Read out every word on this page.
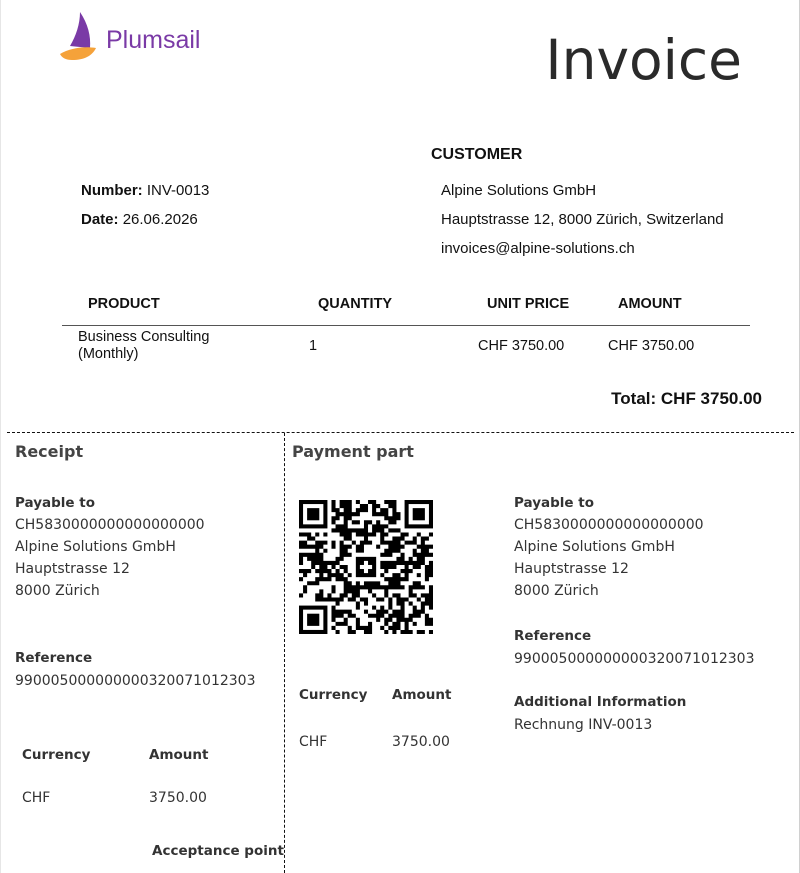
Plumsail	Invoice
CUSTOMER
Number: INV-0013
Date: 26.06.2026
Alpine Solutions GmbH
Hauptstrasse 12, 8000 Zürich, Switzerland
invoices@alpine-solutions.ch
PRODUCT	QUANTITY	UNIT PRICE	AMOUNT
Business Consulting (Monthly)	1	CHF 3750.00	CHF 3750.00
Total: CHF 3750.00
Receipt
Payable to
CH5830000000000000000
Alpine Solutions GmbH
Hauptstrasse 12
8000 Zürich
Reference
990005000000000320071012303
Currency	Amount
CHF	3750.00
Acceptance point
Payment part
Currency Amount
CHF	3750.00
Payable to
CH5830000000000000000
Alpine Solutions GmbH
Hauptstrasse 12
8000 Zürich
Reference
990005000000000320071012303
Additional Information
Rechnung INV-0013
